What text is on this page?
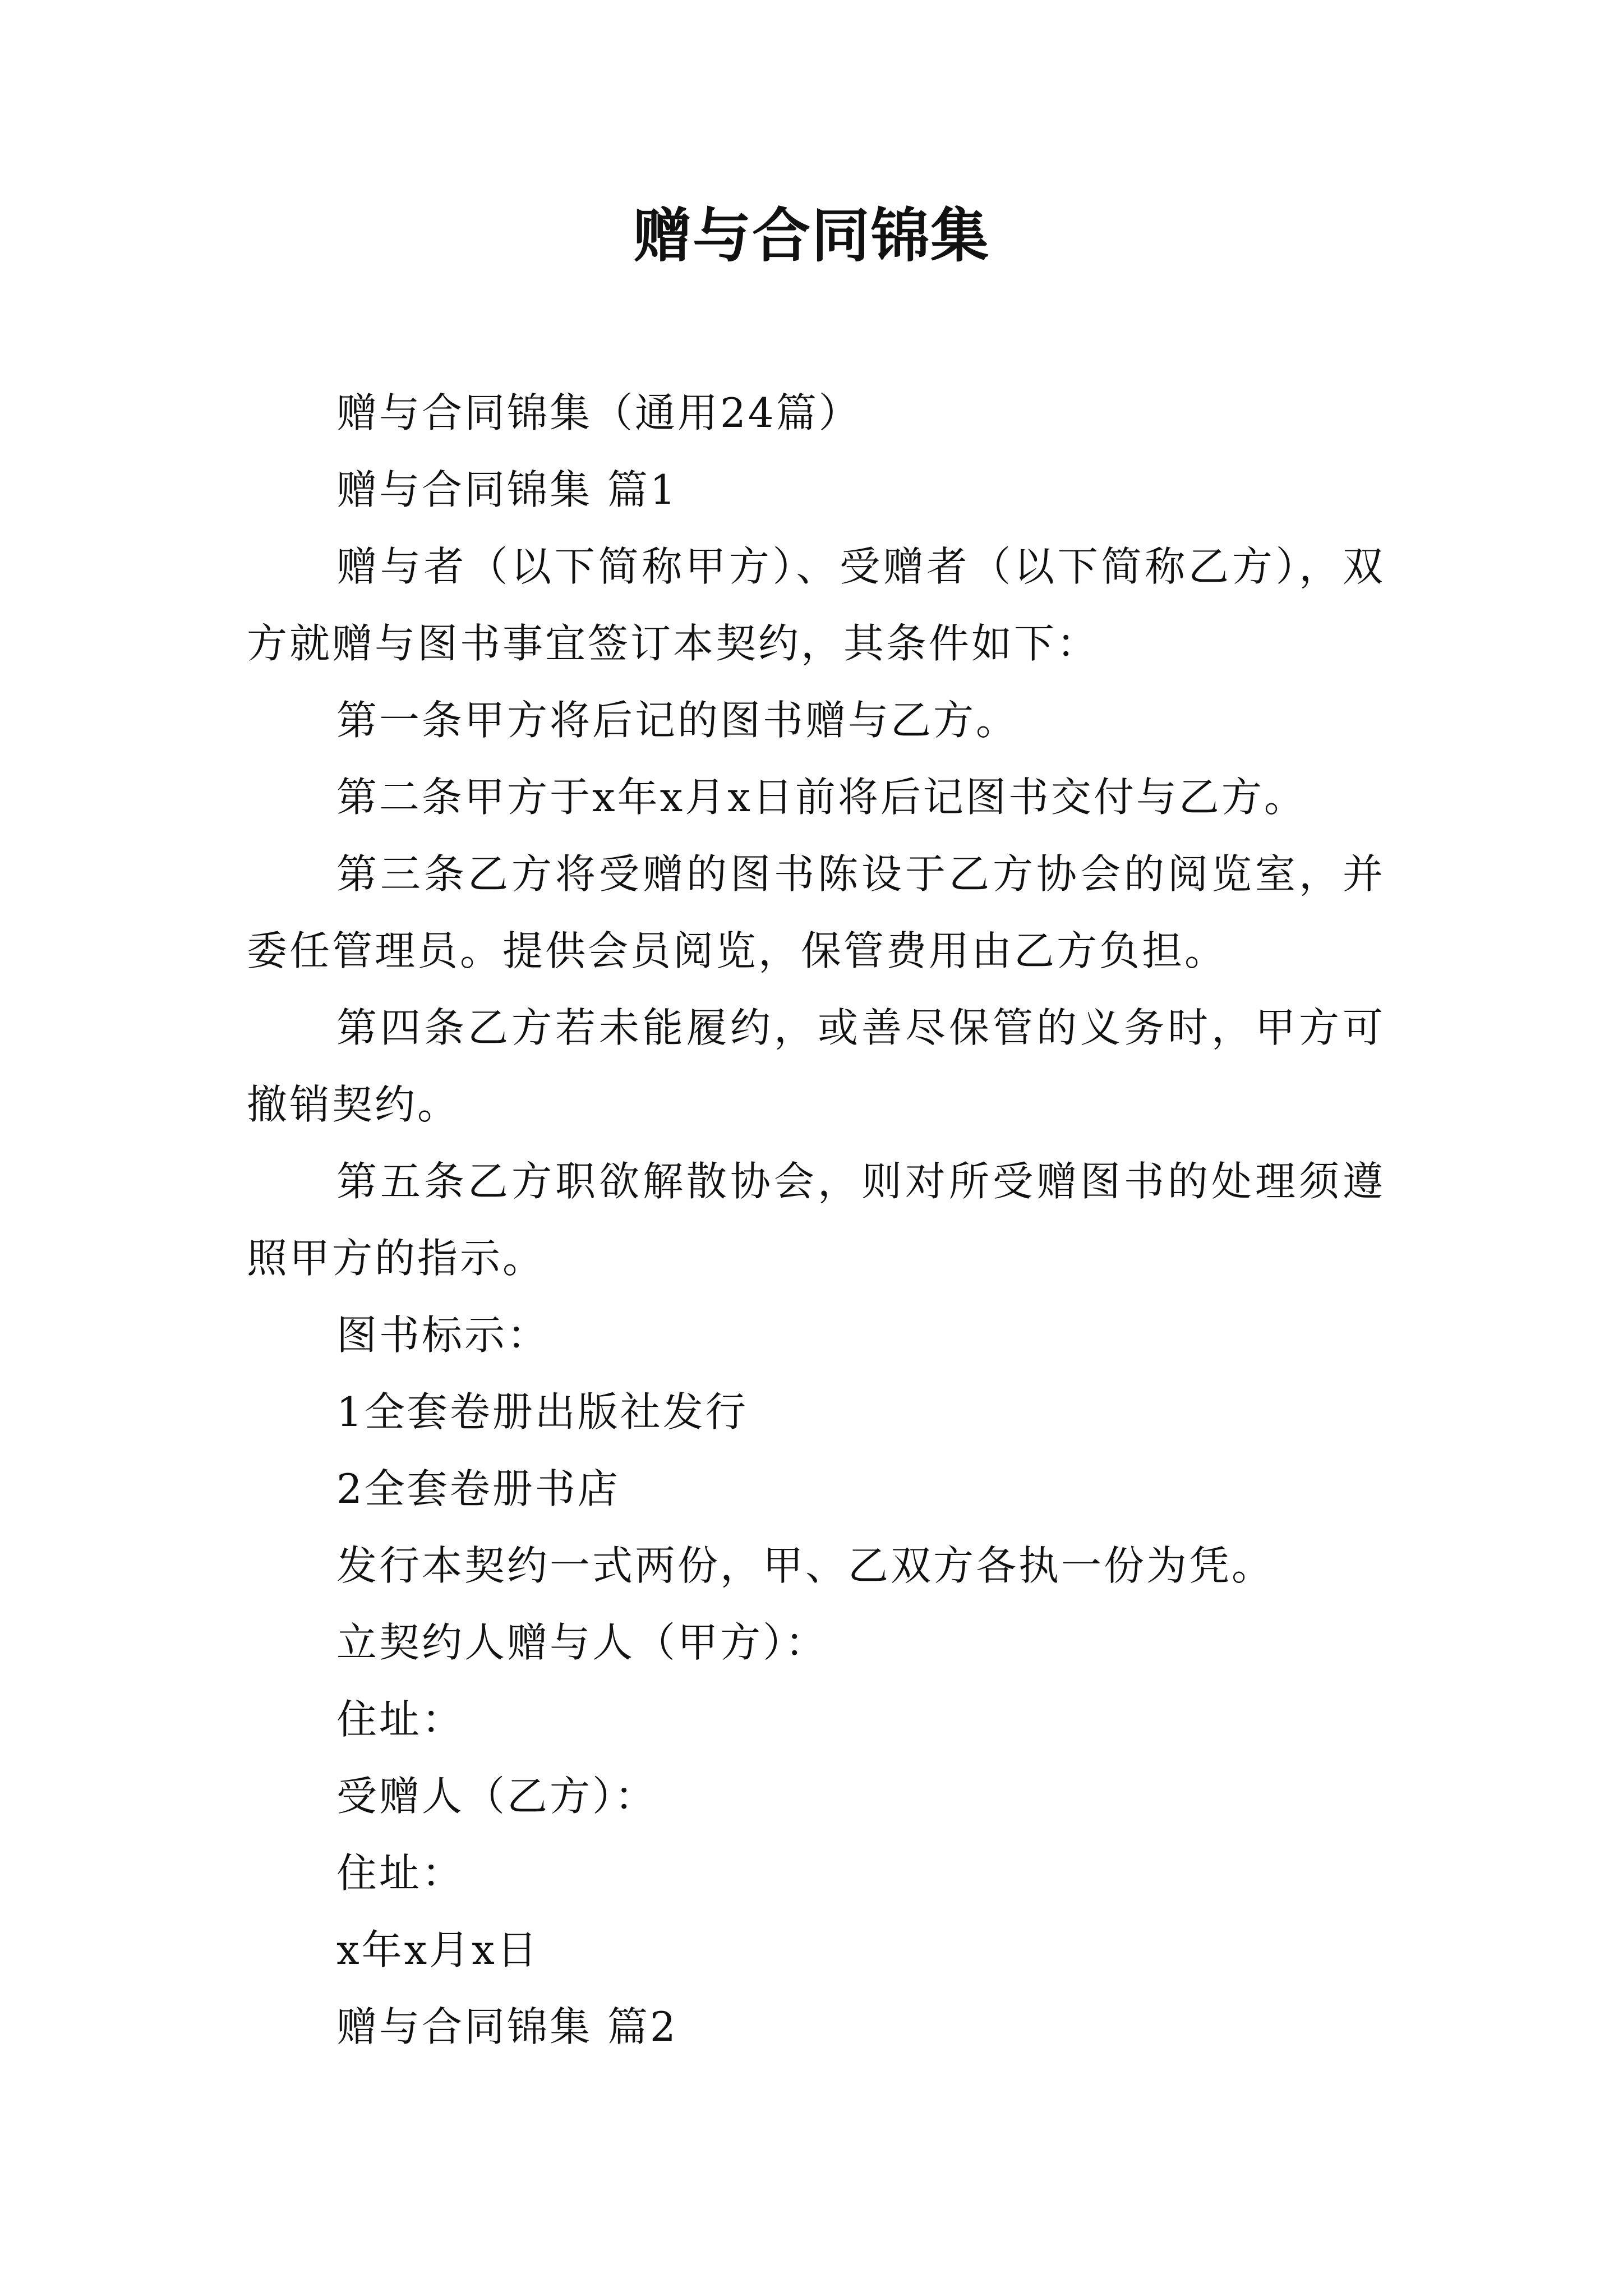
赠与合同锦集

赠与合同锦集（通用24篇）

赠与合同锦集 篇1

赠与者（以下简称甲方）、受赠者（以下简称乙方），双方就赠与图书事宜签订本契约，其条件如下：

第一条甲方将后记的图书赠与乙方。

第二条甲方于x年x月x日前将后记图书交付与乙方。

第三条乙方将受赠的图书陈设于乙方协会的阅览室，并委任管理员。提供会员阅览，保管费用由乙方负担。

第四条乙方若未能履约，或善尽保管的义务时，甲方可撤销契约。

第五条乙方职欲解散协会，则对所受赠图书的处理须遵照甲方的指示。

图书标示：

1全套卷册出版社发行

2全套卷册书店

发行本契约一式两份，甲、乙双方各执一份为凭。

立契约人赠与人（甲方）：

住址：

受赠人（乙方）：

住址：

x年x月x日

赠与合同锦集 篇2
